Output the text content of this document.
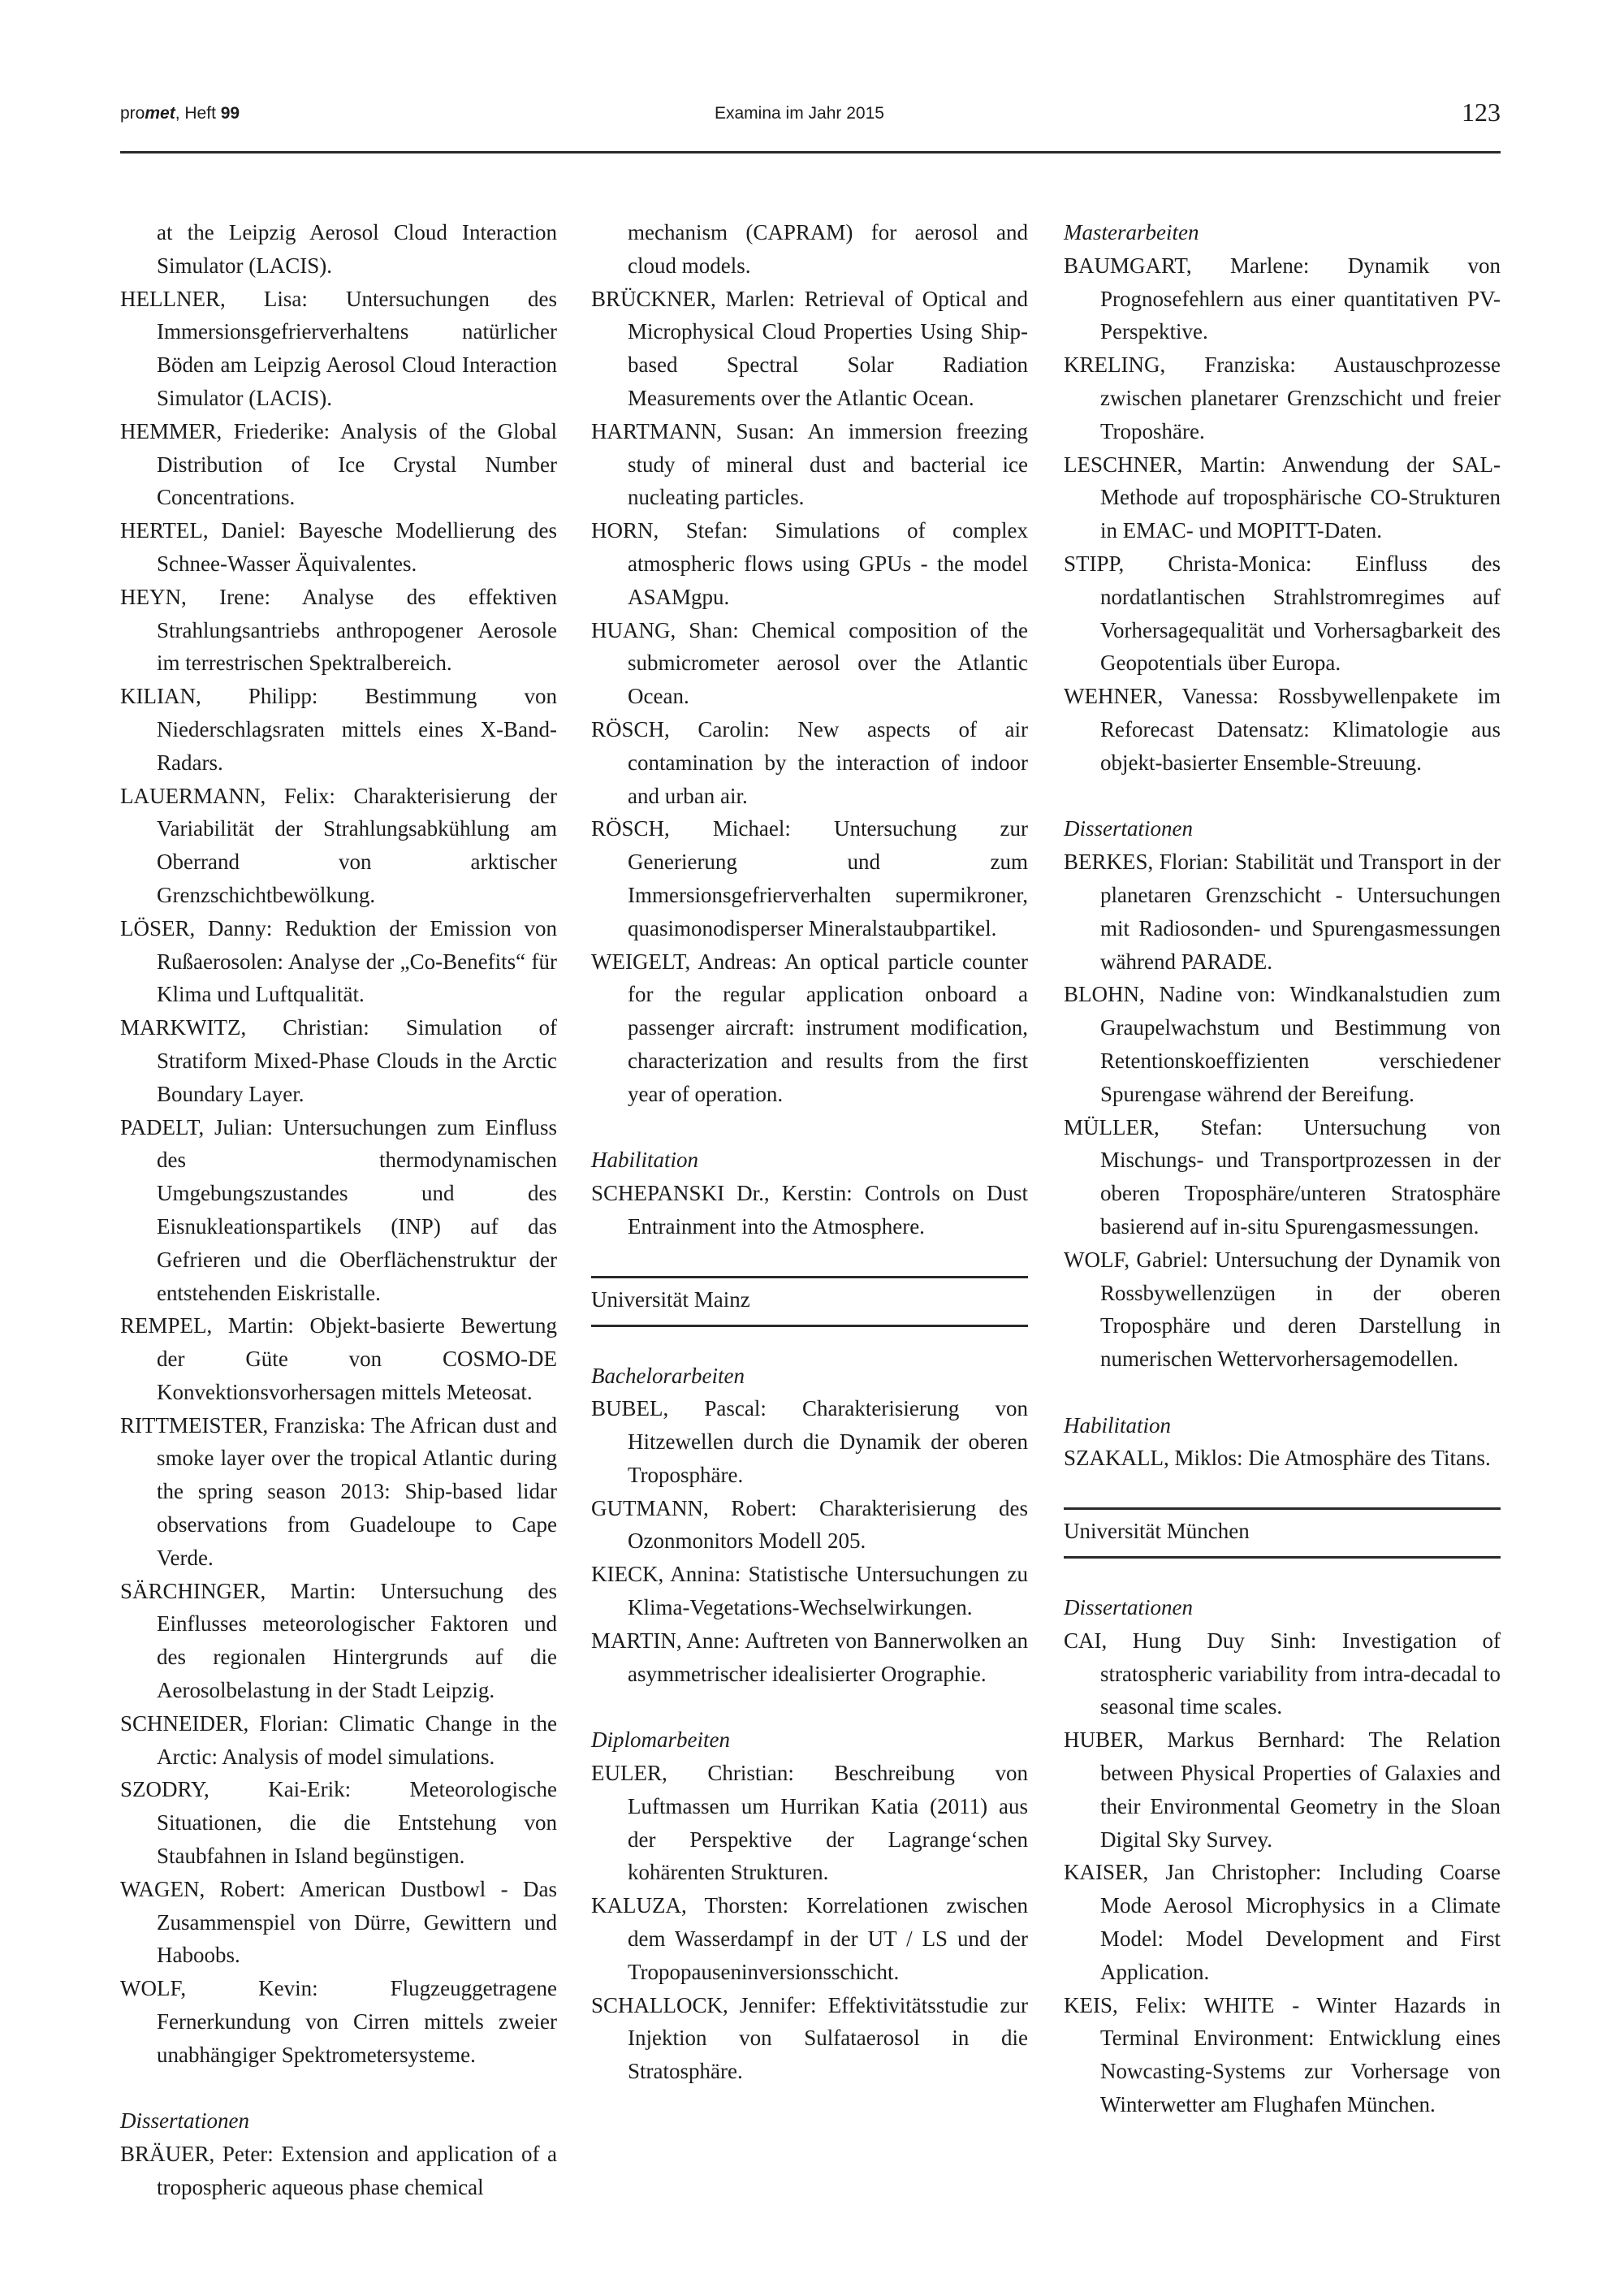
promet, Heft 99	Examina im Jahr 2015	123

at the Leipzig Aerosol Cloud Interaction Simulator (LACIS).

HELLNER, Lisa: Untersuchungen des Immersionsgefrierverhaltens natürlicher Böden am Leipzig Aerosol Cloud Interaction Simulator (LACIS).

HEMMER, Friederike: Analysis of the Global Distribution of Ice Crystal Number Concentrations.

HERTEL, Daniel: Bayesche Modellierung des Schnee-Wasser Äquivalentes.

HEYN, Irene: Analyse des effektiven Strahlungsantriebs anthropogener Aerosole im terrestrischen Spektralbereich.

KILIAN, Philipp: Bestimmung von Niederschlagsraten mittels eines X-Band-Radars.

LAUERMANN, Felix: Charakterisierung der Variabilität der Strahlungsabkühlung am Oberrand von arktischer Grenzschichtbewölkung.

LÖSER, Danny: Reduktion der Emission von Rußaerosolen: Analyse der „Co-Benefits“ für Klima und Luftqualität.

MARKWITZ, Christian: Simulation of Stratiform Mixed-Phase Clouds in the Arctic Boundary Layer.

PADELT, Julian: Untersuchungen zum Einfluss des thermodynamischen Umgebungszustandes und des Eisnukleationspartikels (INP) auf das Gefrieren und die Oberflächenstruktur der entstehenden Eiskristalle.

REMPEL, Martin: Objekt-basierte Bewertung der Güte von COSMO-DE Konvektionsvorhersagen mittels Meteosat.

RITTMEISTER, Franziska: The African dust and smoke layer over the tropical Atlantic during the spring season 2013: Ship-based lidar observations from Guadeloupe to Cape Verde.

SÄRCHINGER, Martin: Untersuchung des Einflusses meteorologischer Faktoren und des regionalen Hintergrunds auf die Aerosolbelastung in der Stadt Leipzig.

SCHNEIDER, Florian: Climatic Change in the Arctic: Analysis of model simulations.

SZODRY, Kai-Erik: Meteorologische Situationen, die die Entstehung von Staubfahnen in Island begünstigen.

WAGEN, Robert: American Dustbowl - Das Zusammenspiel von Dürre, Gewittern und Haboobs.

WOLF, Kevin: Flugzeuggetragene Fernerkundung von Cirren mittels zweier unabhängiger Spektrometersysteme.

Dissertationen

BRÄUER, Peter: Extension and application of a tropospheric aqueous phase chemical

mechanism (CAPRAM) for aerosol and cloud models.

BRÜCKNER, Marlen: Retrieval of Optical and Microphysical Cloud Properties Using Ship-based Spectral Solar Radiation Measurements over the Atlantic Ocean.

HARTMANN, Susan: An immersion freezing study of mineral dust and bacterial ice nucleating particles.

HORN, Stefan: Simulations of complex atmospheric flows using GPUs - the model ASAMgpu.

HUANG, Shan: Chemical composition of the submicrometer aerosol over the Atlantic Ocean.

RÖSCH, Carolin: New aspects of air contamination by the interaction of indoor and urban air.

RÖSCH, Michael: Untersuchung zur Generierung und zum Immersionsgefrierverhalten supermikroner, quasimonodisperser Mineralstaubpartikel.

WEIGELT, Andreas: An optical particle counter for the regular application onboard a passenger aircraft: instrument modification, characterization and results from the first year of operation.

Habilitation

SCHEPANSKI Dr., Kerstin: Controls on Dust Entrainment into the Atmosphere.

Universität Mainz

Bachelorarbeiten

BUBEL, Pascal: Charakterisierung von Hitzewellen durch die Dynamik der oberen Troposphäre.

GUTMANN, Robert: Charakterisierung des Ozonmonitors Modell 205.

KIECK, Annina: Statistische Untersuchungen zu Klima-Vegetations-Wechselwirkungen.

MARTIN, Anne: Auftreten von Bannerwolken an asymmetrischer idealisierter Orographie.

Diplomarbeiten

EULER, Christian: Beschreibung von Luftmassen um Hurrikan Katia (2011) aus der Perspektive der Lagrange‘schen kohärenten Strukturen.

KALUZA, Thorsten: Korrelationen zwischen dem Wasserdampf in der UT / LS und der Tropopauseninversionsschicht.

SCHALLOCK, Jennifer: Effektivitätsstudie zur Injektion von Sulfataerosol in die Stratosphäre.

Masterarbeiten

BAUMGART, Marlene: Dynamik von Prognosefehlern aus einer quantitativen PV-Perspektive.

KRELING, Franziska: Austauschprozesse zwischen planetarer Grenzschicht und freier Troposhäre.

LESCHNER, Martin: Anwendung der SAL-Methode auf troposphärische CO-Strukturen in EMAC- und MOPITT-Daten.

STIPP, Christa-Monica: Einfluss des nordatlantischen Strahlstromregimes auf Vorhersagequalität und Vorhersagbarkeit des Geopotentials über Europa.

WEHNER, Vanessa: Rossbywellenpakete im Reforecast Datensatz: Klimatologie aus objekt-basierter Ensemble-Streuung.

Dissertationen

BERKES, Florian: Stabilität und Transport in der planetaren Grenzschicht - Untersuchungen mit Radiosonden- und Spurengasmessungen während PARADE.

BLOHN, Nadine von: Windkanalstudien zum Graupelwachstum und Bestimmung von Retentionskoeffizienten verschiedener Spurengase während der Bereifung.

MÜLLER, Stefan: Untersuchung von Mischungs- und Transportprozessen in der oberen Troposphäre/unteren Stratosphäre basierend auf in-situ Spurengasmessungen.

WOLF, Gabriel: Untersuchung der Dynamik von Rossbywellenzügen in der oberen Troposphäre und deren Darstellung in numerischen Wettervorhersagemodellen.

Habilitation

SZAKALL, Miklos: Die Atmosphäre des Titans.

Universität München

Dissertationen

CAI, Hung Duy Sinh: Investigation of stratospheric variability from intra-decadal to seasonal time scales.

HUBER, Markus Bernhard: The Relation between Physical Properties of Galaxies and their Environmental Geometry in the Sloan Digital Sky Survey.

KAISER, Jan Christopher: Including Coarse Mode Aerosol Microphysics in a Climate Model: Model Development and First Application.

KEIS, Felix: WHITE - Winter Hazards in Terminal Environment: Entwicklung eines Nowcasting-Systems zur Vorhersage von Winterwetter am Flughafen München.
